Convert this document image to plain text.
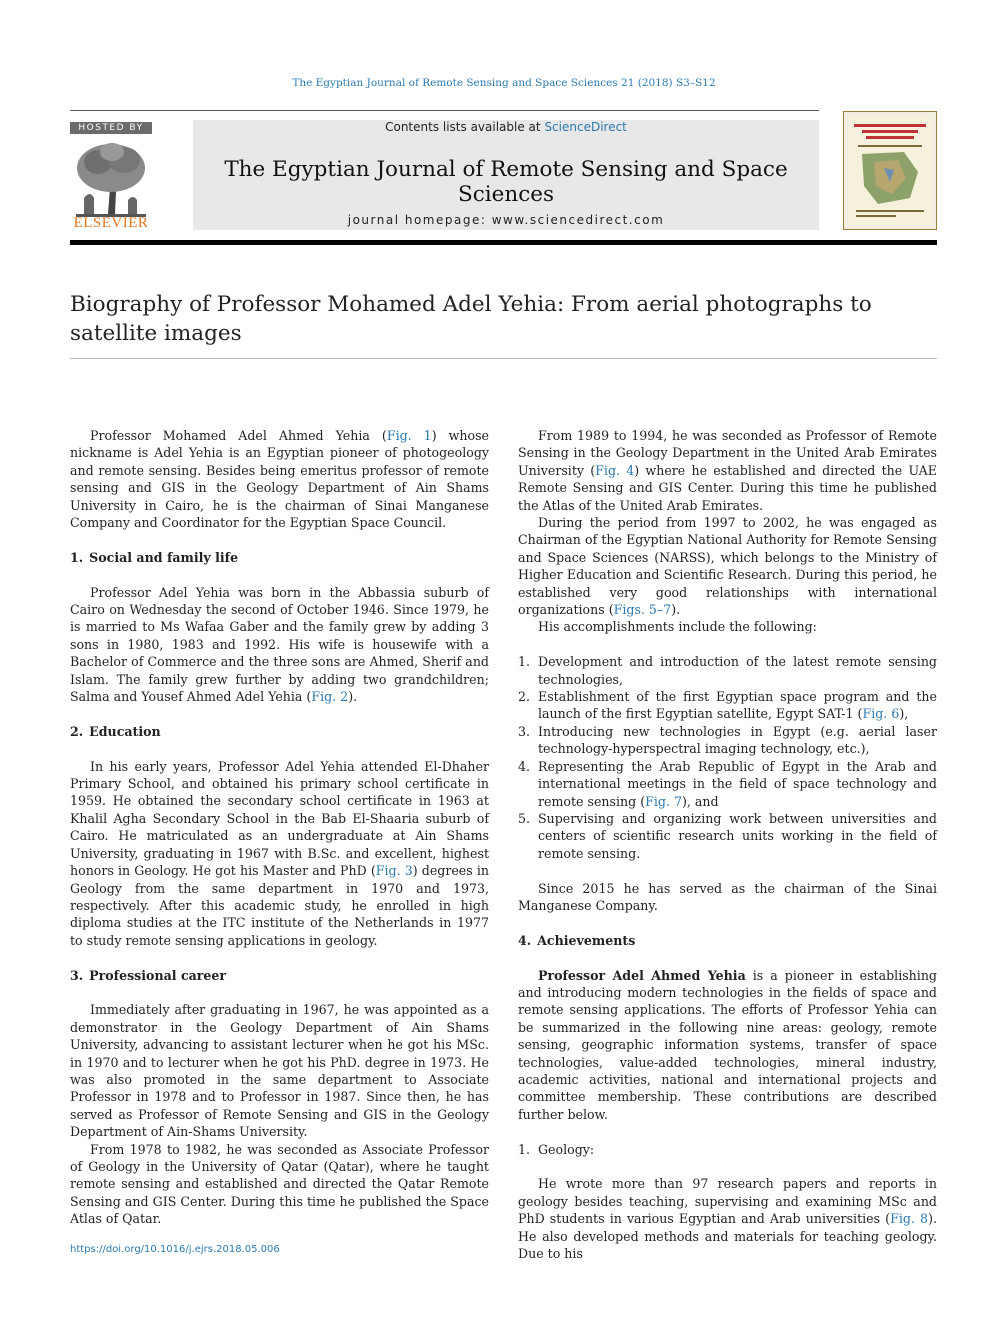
The Egyptian Journal of Remote Sensing and Space Sciences 21 (2018) S3–S12
HOSTED BY
ELSEVIER
Contents lists available at ScienceDirect
The Egyptian Journal of Remote Sensing and Space Sciences
journal homepage: www.sciencedirect.com
Biography of Professor Mohamed Adel Yehia: From aerial photographs to satellite images

Professor Mohamed Adel Ahmed Yehia (Fig. 1) whose nickname is Adel Yehia is an Egyptian pioneer of photogeology and remote sensing. Besides being emeritus professor of remote sensing and GIS in the Geology Department of Ain Shams University in Cairo, he is the chairman of Sinai Manganese Company and Coordinator for the Egyptian Space Council.

1. Social and family life

Professor Adel Yehia was born in the Abbassia suburb of Cairo on Wednesday the second of October 1946. Since 1979, he is married to Ms Wafaa Gaber and the family grew by adding 3 sons in 1980, 1983 and 1992. His wife is housewife with a Bachelor of Commerce and the three sons are Ahmed, Sherif and Islam. The family grew further by adding two grandchildren; Salma and Yousef Ahmed Adel Yehia (Fig. 2).

2. Education

In his early years, Professor Adel Yehia attended El-Dhaher Primary School, and obtained his primary school certificate in 1959. He obtained the secondary school certificate in 1963 at Khalil Agha Secondary School in the Bab El-Shaaria suburb of Cairo. He matriculated as an undergraduate at Ain Shams University, graduating in 1967 with B.Sc. and excellent, highest honors in Geology. He got his Master and PhD (Fig. 3) degrees in Geology from the same department in 1970 and 1973, respectively. After this academic study, he enrolled in high diploma studies at the ITC institute of the Netherlands in 1977 to study remote sensing applications in geology.

3. Professional career

Immediately after graduating in 1967, he was appointed as a demonstrator in the Geology Department of Ain Shams University, advancing to assistant lecturer when he got his MSc. in 1970 and to lecturer when he got his PhD. degree in 1973. He was also promoted in the same department to Associate Professor in 1978 and to Professor in 1987. Since then, he has served as Professor of Remote Sensing and GIS in the Geology Department of Ain-Shams University.

From 1978 to 1982, he was seconded as Associate Professor of Geology in the University of Qatar (Qatar), where he taught remote sensing and established and directed the Qatar Remote Sensing and GIS Center. During this time he published the Space Atlas of Qatar.

From 1989 to 1994, he was seconded as Professor of Remote Sensing in the Geology Department in the United Arab Emirates University (Fig. 4) where he established and directed the UAE Remote Sensing and GIS Center. During this time he published the Atlas of the United Arab Emirates.

During the period from 1997 to 2002, he was engaged as Chairman of the Egyptian National Authority for Remote Sensing and Space Sciences (NARSS), which belongs to the Ministry of Higher Education and Scientific Research. During this period, he established very good relationships with international organizations (Figs. 5–7).

His accomplishments include the following:

1. Development and introduction of the latest remote sensing technologies,
2. Establishment of the first Egyptian space program and the launch of the first Egyptian satellite, Egypt SAT-1 (Fig. 6),
3. Introducing new technologies in Egypt (e.g. aerial laser technology-hyperspectral imaging technology, etc.),
4. Representing the Arab Republic of Egypt in the Arab and international meetings in the field of space technology and remote sensing (Fig. 7), and
5. Supervising and organizing work between universities and centers of scientific research units working in the field of remote sensing.

Since 2015 he has served as the chairman of the Sinai Manganese Company.

4. Achievements

Professor Adel Ahmed Yehia is a pioneer in establishing and introducing modern technologies in the fields of space and remote sensing applications. The efforts of Professor Yehia can be summarized in the following nine areas: geology, remote sensing, geographic information systems, transfer of space technologies, value-added technologies, mineral industry, academic activities, national and international projects and committee membership. These contributions are described further below.

1. Geology:

He wrote more than 97 research papers and reports in geology besides teaching, supervising and examining MSc and PhD students in various Egyptian and Arab universities (Fig. 8). He also developed methods and materials for teaching geology. Due to his

https://doi.org/10.1016/j.ejrs.2018.05.006
